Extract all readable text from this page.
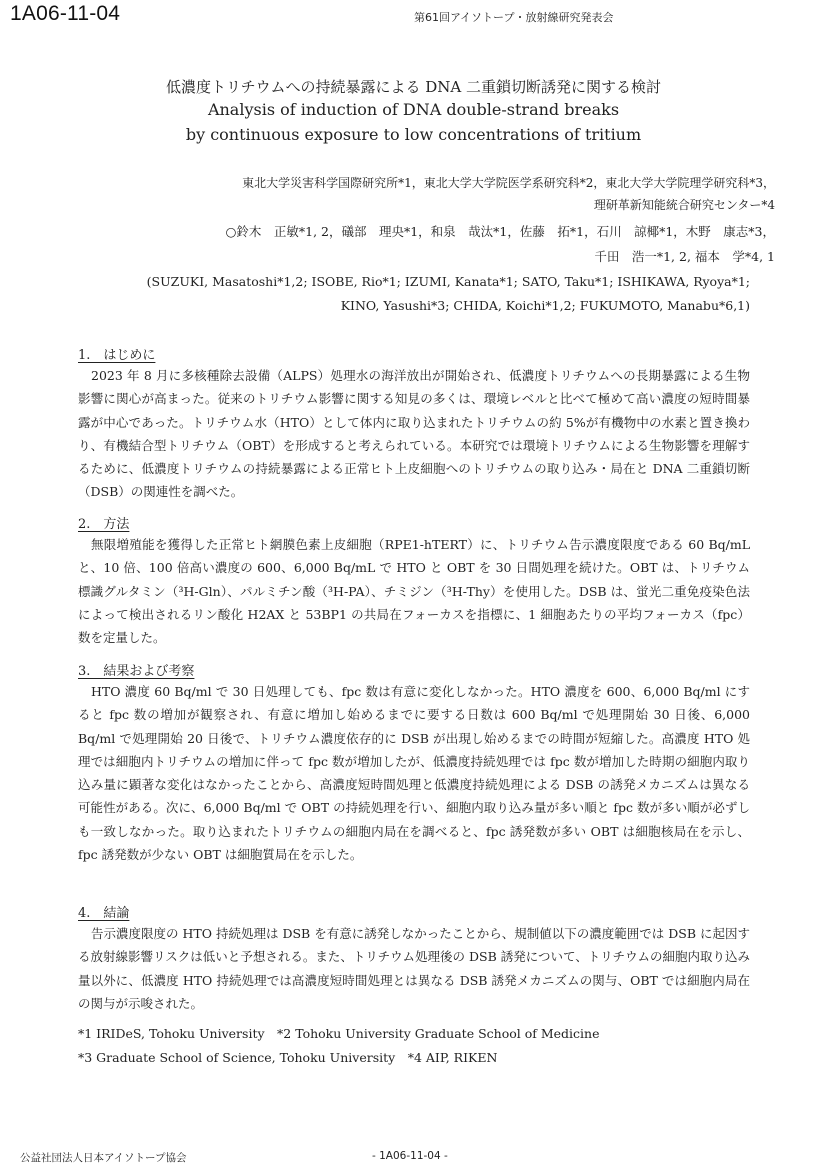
1A06-11-04	第61回アイソトープ・放射線研究発表会
低濃度トリチウムへの持続暴露による DNA 二重鎖切断誘発に関する検討
Analysis of induction of DNA double-strand breaks
by continuous exposure to low concentrations of tritium
東北大学災害科学国際研究所*1，東北大学大学院医学系研究科*2，東北大学大学院理学研究科*3，
理研革新知能統合研究センター*4
○鈴木　正敏*1, 2，礒部　理央*1，和泉　哉汰*1，佐藤　拓*1，石川　諒椰*1，木野　康志*3，
千田　浩一*1, 2, 福本　学*4, 1
(SUZUKI, Masatoshi*1,2; ISOBE, Rio*1; IZUMI, Kanata*1; SATO, Taku*1; ISHIKAWA, Ryoya*1;
KINO, Yasushi*3; CHIDA, Koichi*1,2; FUKUMOTO, Manabu*6,1)
1.　はじめに

2023 年 8 月に多核種除去設備（ALPS）処理水の海洋放出が開始され、低濃度トリチウムへの長期暴露による生物影響に関心が高まった。従来のトリチウム影響に関する知見の多くは、環境レベルと比べて極めて高い濃度の短時間暴露が中心であった。トリチウム水（HTO）として体内に取り込まれたトリチウムの約 5%が有機物中の水素と置き換わり、有機結合型トリチウム（OBT）を形成すると考えられている。本研究では環境トリチウムによる生物影響を理解するために、低濃度トリチウムの持続暴露による正常ヒト上皮細胞へのトリチウムの取り込み・局在と DNA 二重鎖切断（DSB）の関連性を調べた。

2.　方法

無限増殖能を獲得した正常ヒト網膜色素上皮細胞（RPE1-hTERT）に、トリチウム告示濃度限度である 60 Bq/mL と、10 倍、100 倍高い濃度の 600、6,000 Bq/mL で HTO と OBT を 30 日間処理を続けた。OBT は、トリチウム標識グルタミン（³H-Gln）、パルミチン酸（³H-PA）、チミジン（³H-Thy）を使用した。DSB は、蛍光二重免疫染色法によって検出されるリン酸化 H2AX と 53BP1 の共局在フォーカスを指標に、1 細胞あたりの平均フォーカス（fpc）数を定量した。

3.　結果および考察

HTO 濃度 60 Bq/ml で 30 日処理しても、fpc 数は有意に変化しなかった。HTO 濃度を 600、6,000 Bq/ml にすると fpc 数の増加が観察され、有意に増加し始めるまでに要する日数は 600 Bq/ml で処理開始 30 日後、6,000 Bq/ml で処理開始 20 日後で、トリチウム濃度依存的に DSB が出現し始めるまでの時間が短縮した。高濃度 HTO 処理では細胞内トリチウムの増加に伴って fpc 数が増加したが、低濃度持続処理では fpc 数が増加した時期の細胞内取り込み量に顕著な変化はなかったことから、高濃度短時間処理と低濃度持続処理による DSB の誘発メカニズムは異なる可能性がある。次に、6,000 Bq/ml で OBT の持続処理を行い、細胞内取り込み量が多い順と fpc 数が多い順が必ずしも一致しなかった。取り込まれたトリチウムの細胞内局在を調べると、fpc 誘発数が多い OBT は細胞核局在を示し、fpc 誘発数が少ない OBT は細胞質局在を示した。

4.　結論

告示濃度限度の HTO 持続処理は DSB を有意に誘発しなかったことから、規制値以下の濃度範囲では DSB に起因する放射線影響リスクは低いと予想される。また、トリチウム処理後の DSB 誘発について、トリチウムの細胞内取り込み量以外に、低濃度 HTO 持続処理では高濃度短時間処理とは異なる DSB 誘発メカニズムの関与、OBT では細胞内局在の関与が示唆された。

*1 IRIDeS, Tohoku University　*2 Tohoku University Graduate School of Medicine
*3 Graduate School of Science, Tohoku University　*4 AIP, RIKEN
公益社団法人日本アイソトープ協会	- 1A06-11-04 -
